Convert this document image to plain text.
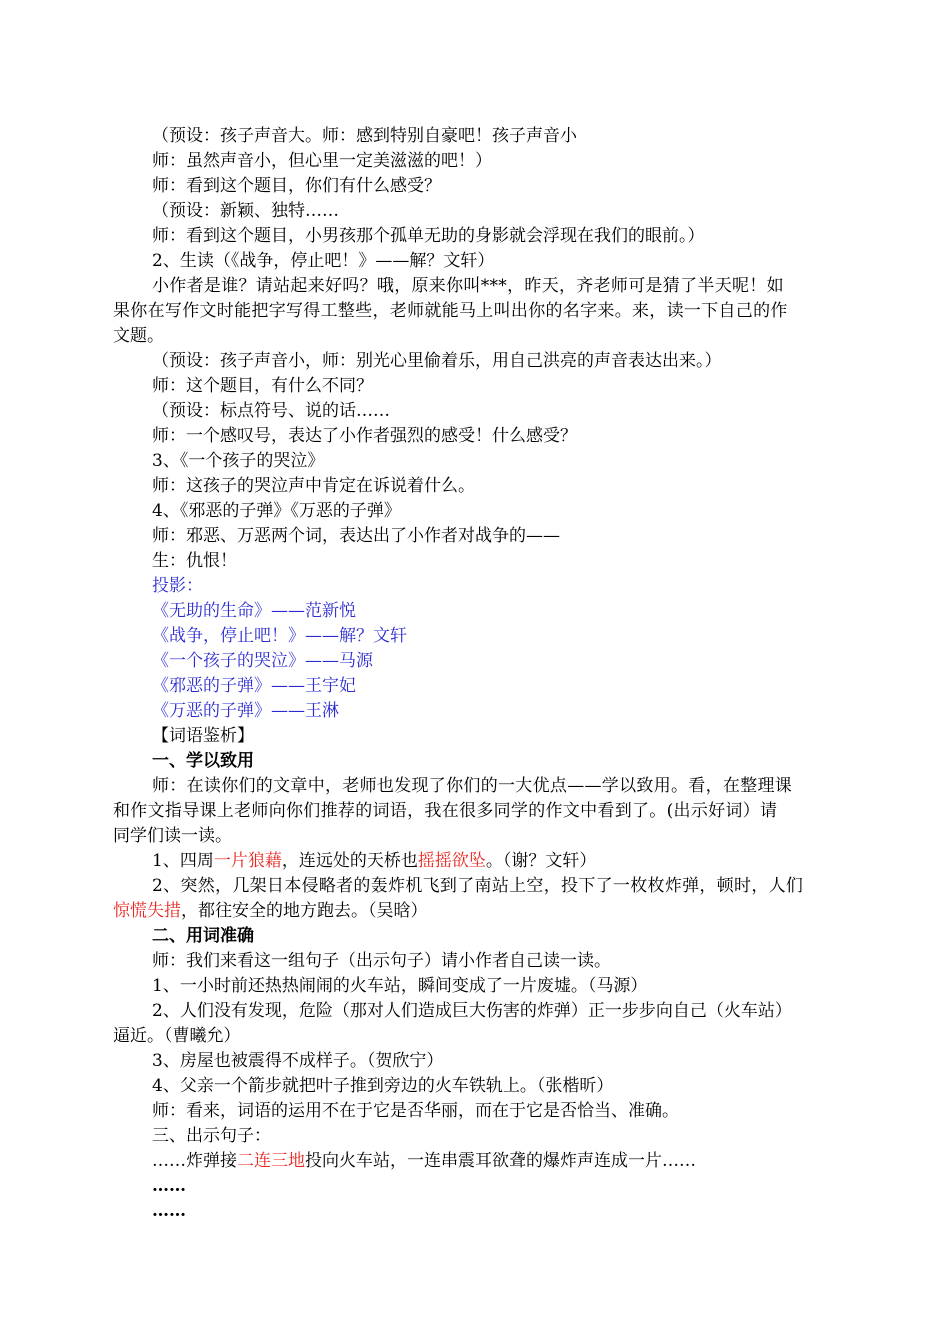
（预设：孩子声音大。师：感到特别自豪吧！孩子声音小
师：虽然声音小，但心里一定美滋滋的吧！）
师：看到这个题目，你们有什么感受？
（预设：新颖、独特……
师：看到这个题目，小男孩那个孤单无助的身影就会浮现在我们的眼前。）
2、生读（《战争，停止吧！》——解？文轩）
小作者是谁？请站起来好吗？哦，原来你叫***，昨天，齐老师可是猜了半天呢！如
果你在写作文时能把字写得工整些，老师就能马上叫出你的名字来。来，读一下自己的作
文题。
（预设：孩子声音小，师：别光心里偷着乐，用自己洪亮的声音表达出来。）
师：这个题目，有什么不同？
（预设：标点符号、说的话……
师：一个感叹号，表达了小作者强烈的感受！什么感受？
3、《一个孩子的哭泣》
师：这孩子的哭泣声中肯定在诉说着什么。
4、《邪恶的子弹》《万恶的子弹》
师：邪恶、万恶两个词，表达出了小作者对战争的——
生：仇恨！
投影：
《无助的生命》——范新悦
《战争，停止吧！》——解？文轩
《一个孩子的哭泣》——马源
《邪恶的子弹》——王宇妃
《万恶的子弹》——王淋
【词语鉴析】
一、学以致用
师：在读你们的文章中，老师也发现了你们的一大优点——学以致用。看，在整理课
和作文指导课上老师向你们推荐的词语，我在很多同学的作文中看到了。(出示好词）请
同学们读一读。
1、四周一片狼藉，连远处的天桥也摇摇欲坠。（谢？文轩）
2、突然，几架日本侵略者的轰炸机飞到了南站上空，投下了一枚枚炸弹，顿时，人们
惊慌失措，都往安全的地方跑去。（吴晗）
二、用词准确
师：我们来看这一组句子（出示句子）请小作者自己读一读。
1、一小时前还热热闹闹的火车站，瞬间变成了一片废墟。（马源）
2、人们没有发现，危险（那对人们造成巨大伤害的炸弹）正一步步向自己（火车站）
逼近。（曹曦允）
3、房屋也被震得不成样子。（贺欣宁）
4、父亲一个箭步就把叶子推到旁边的火车铁轨上。（张楷昕）
师：看来，词语的运用不在于它是否华丽，而在于它是否恰当、准确。
三、出示句子：
……炸弹接二连三地投向火车站，一连串震耳欲聋的爆炸声连成一片……
……
……
